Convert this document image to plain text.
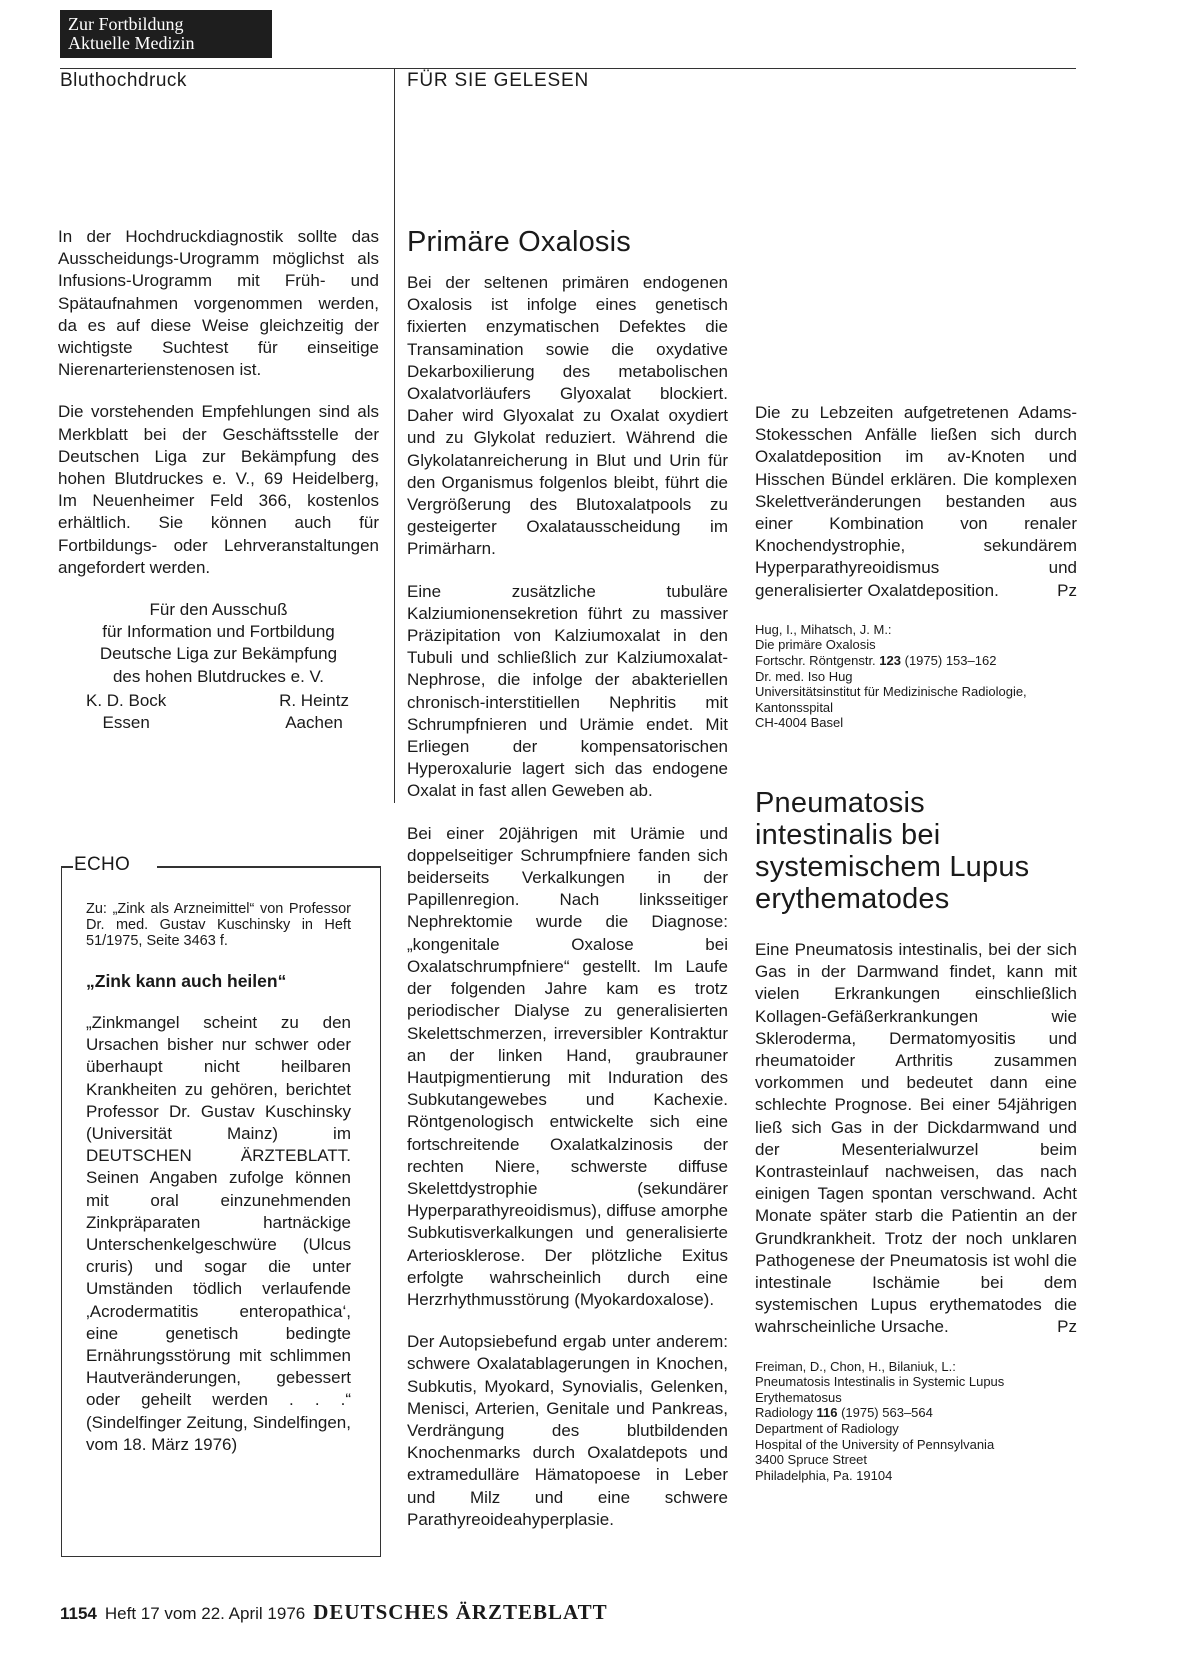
Zur Fortbildung
Aktuelle Medizin
Bluthochdruck	FÜR SIE GELESEN

In der Hochdruckdiagnostik sollte das Ausscheidungs-Urogramm möglichst als Infusions-Urogramm mit Früh- und Spätaufnahmen vorgenommen werden, da es auf diese Weise gleichzeitig der wichtigste Suchtest für einseitige Nierenarterienstenosen ist.

Die vorstehenden Empfehlungen sind als Merkblatt bei der Geschäftsstelle der Deutschen Liga zur Bekämpfung des hohen Blutdruckes e. V., 69 Heidelberg, Im Neuenheimer Feld 366, kostenlos erhältlich. Sie können auch für Fortbildungs- oder Lehrveranstaltungen angefordert werden.

Für den Ausschuß

für Information und Fortbildung

Deutsche Liga zur Bekämpfung

des hohen Blutdruckes e. V.

K. D. Bock
Essen
R. Heintz
Aachen
ECHO

Zu: „Zink als Arzneimittel“ von Professor Dr. med. Gustav Kuschinsky in Heft 51/1975, Seite 3463 f.

„Zink kann auch heilen“

„Zinkmangel scheint zu den Ursachen bisher nur schwer oder überhaupt nicht heilbaren Krankheiten zu gehören, berichtet Professor Dr. Gustav Kuschinsky (Universität Mainz) im DEUTSCHEN ÄRZTEBLATT. Seinen Angaben zufolge können mit oral einzunehmenden Zinkpräparaten hartnäckige Unterschenkelgeschwüre (Ulcus cruris) und sogar die unter Umständen tödlich verlaufende ‚Acrodermatitis enteropathica‘, eine genetisch bedingte Ernährungsstörung mit schlimmen Hautveränderungen, gebessert oder geheilt werden . . .“ (Sindelfinger Zeitung, Sindelfingen, vom 18. März 1976)

Primäre Oxalosis

Bei der seltenen primären endogenen Oxalosis ist infolge eines genetisch fixierten enzymatischen Defektes die Transamination sowie die oxydative Dekarboxilierung des metabolischen Oxalatvorläufers Glyoxalat blockiert. Daher wird Glyoxalat zu Oxalat oxydiert und zu Glykolat reduziert. Während die Glykolatanreicherung in Blut und Urin für den Organismus folgenlos bleibt, führt die Vergrößerung des Blutoxalatpools zu gesteigerter Oxalatausscheidung im Primärharn.

Eine zusätzliche tubuläre Kalziumionensekretion führt zu massiver Präzipitation von Kalziumoxalat in den Tubuli und schließlich zur Kalziumoxalat-Nephrose, die infolge der abakteriellen chronisch-interstitiellen Nephritis mit Schrumpfnieren und Urämie endet. Mit Erliegen der kompensatorischen Hyperoxalurie lagert sich das endogene Oxalat in fast allen Geweben ab.

Bei einer 20jährigen mit Urämie und doppelseitiger Schrumpfniere fanden sich beiderseits Verkalkungen in der Papillenregion. Nach linksseitiger Nephrektomie wurde die Diagnose: „kongenitale Oxalose bei Oxalatschrumpfniere“ gestellt. Im Laufe der folgenden Jahre kam es trotz periodischer Dialyse zu generalisierten Skelettschmerzen, irreversibler Kontraktur an der linken Hand, graubrauner Hautpigmentierung mit Induration des Subkutangewebes und Kachexie. Röntgenologisch entwickelte sich eine fortschreitende Oxalatkalzinosis der rechten Niere, schwerste diffuse Skelettdystrophie (sekundärer Hyperparathyreoidismus), diffuse amorphe Subkutisverkalkungen und generalisierte Arteriosklerose. Der plötzliche Exitus erfolgte wahrscheinlich durch eine Herzrhythmusstörung (Myokardoxalose).

Der Autopsiebefund ergab unter anderem: schwere Oxalatablagerungen in Knochen, Subkutis, Myokard, Synovialis, Gelenken, Menisci, Arterien, Genitale und Pankreas, Verdrängung des blutbildenden Knochenmarks durch Oxalatdepots und extramedulläre Hämatopoese in Leber und Milz und eine schwere Parathyreoideahyperplasie.

Die zu Lebzeiten aufgetretenen Adams-Stokesschen Anfälle ließen sich durch Oxalatdeposition im av-Knoten und Hisschen Bündel erklären. Die komplexen Skelettveränderungen bestanden aus einer Kombination von renaler Knochendystrophie, sekundärem Hyperparathyreoidismus und generalisierter Oxalatdeposition.	Pz

Hug, I., Mihatsch, J. M.:

Die primäre Oxalosis

Fortschr. Röntgenstr. 123 (1975) 153–162

Dr. med. Iso Hug

Universitätsinstitut für Medizinische Radiologie, Kantonsspital

CH-4004 Basel

Pneumatosis
intestinalis bei
systemischem Lupus
erythematodes

Eine Pneumatosis intestinalis, bei der sich Gas in der Darmwand findet, kann mit vielen Erkrankungen einschließlich Kollagen-Gefäßerkrankungen wie Skleroderma, Dermatomyositis und rheumatoider Arthritis zusammen vorkommen und bedeutet dann eine schlechte Prognose. Bei einer 54jährigen ließ sich Gas in der Dickdarmwand und der Mesenterialwurzel beim Kontrasteinlauf nachweisen, das nach einigen Tagen spontan verschwand. Acht Monate später starb die Patientin an der Grundkrankheit. Trotz der noch unklaren Pathogenese der Pneumatosis ist wohl die intestinale Ischämie bei dem systemischen Lupus erythematodes die wahrscheinliche Ursache.	Pz

Freiman, D., Chon, H., Bilaniuk, L.:

Pneumatosis Intestinalis in Systemic Lupus Erythematosus

Radiology 116 (1975) 563–564

Department of Radiology

Hospital of the University of Pennsylvania

3400 Spruce Street

Philadelphia, Pa. 19104

1154 Heft 17 vom 22. April 1976 DEUTSCHES ÄRZTEBLATT
